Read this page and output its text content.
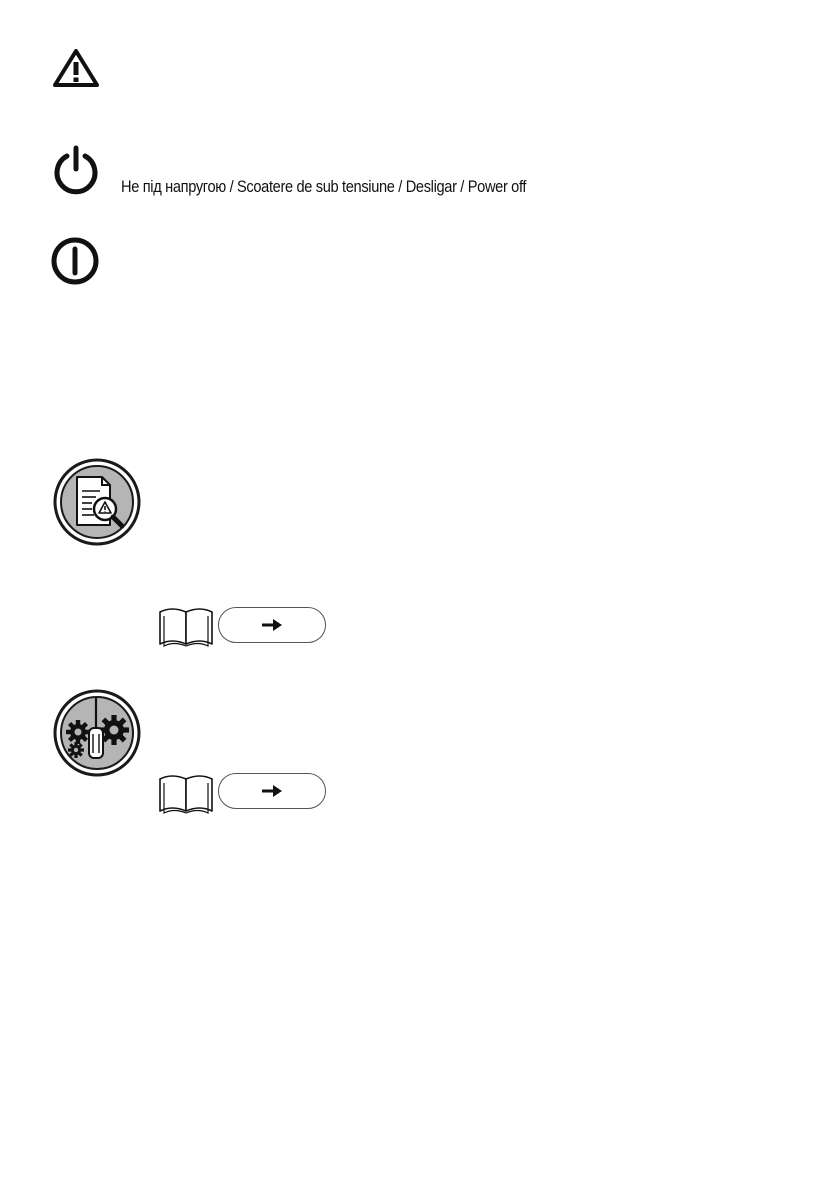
Не під напругою / Scoatere de sub tensiune / Desligar / Power off
